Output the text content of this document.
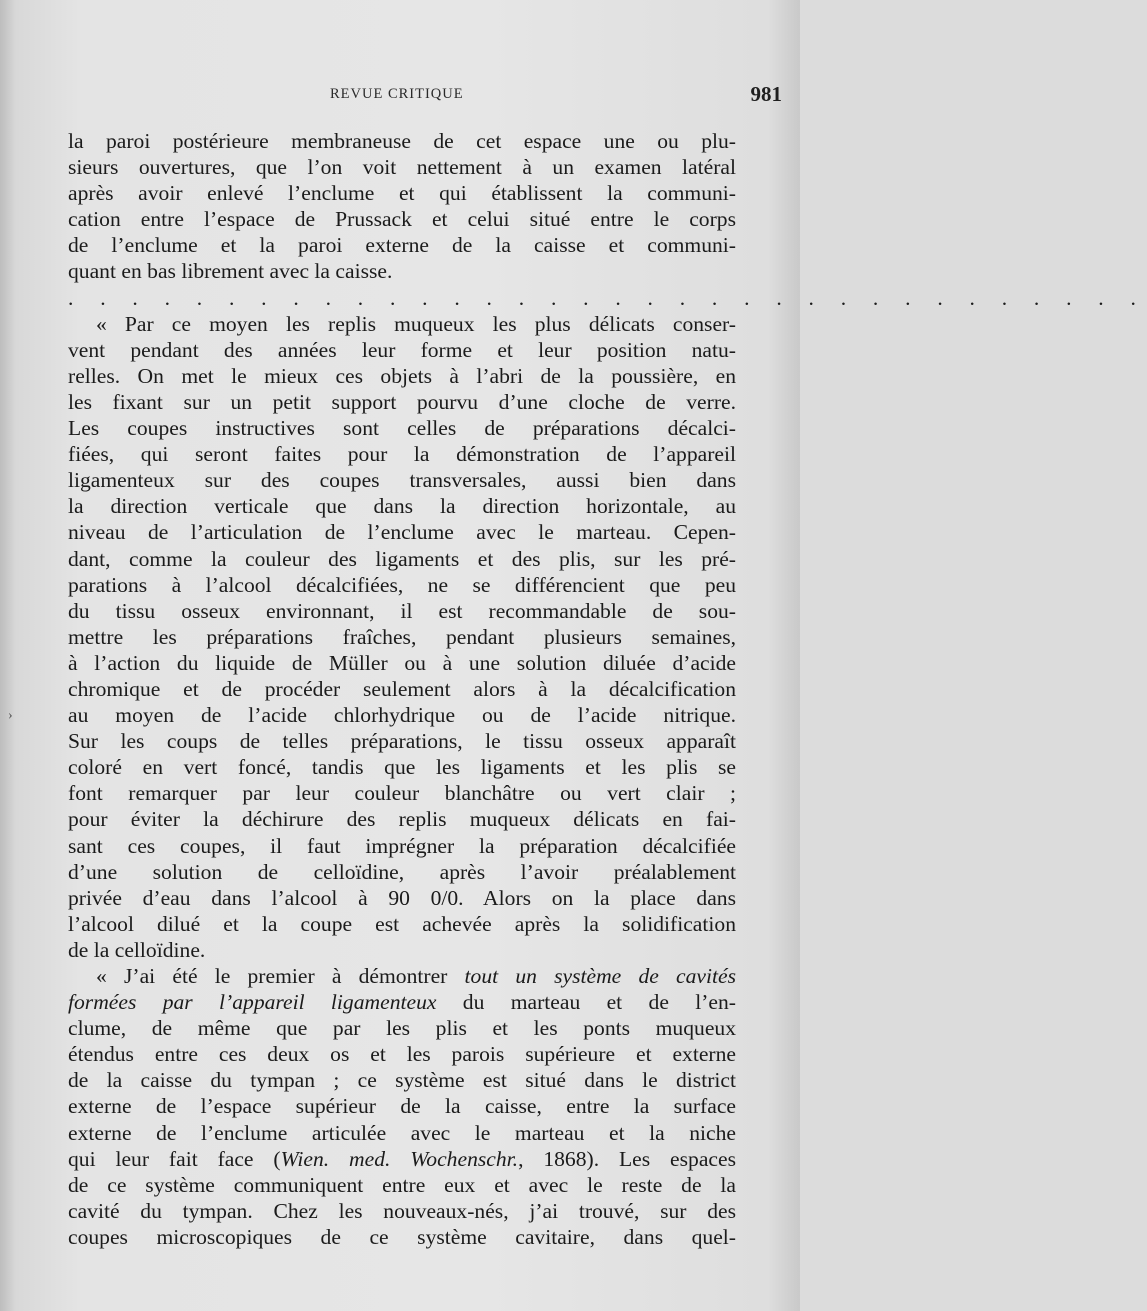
REVUE CRITIQUE	981
›
la paroi postérieure membraneuse de cet espace une ou plu-
sieurs ouvertures, que l’on voit nettement à un examen latéral
après avoir enlevé l’enclume et qui établissent la communi-
cation entre l’espace de Prussack et celui situé entre le corps
de l’enclume et la paroi externe de la caisse et communi-
quant en bas librement avec la caisse.
. . . . . . . . . . . . . . . . . . . . . . . . . . . . . . . . . .
« Par ce moyen les replis muqueux les plus délicats conser-
vent pendant des années leur forme et leur position natu-
relles. On met le mieux ces objets à l’abri de la poussière, en
les fixant sur un petit support pourvu d’une cloche de verre.
Les coupes instructives sont celles de préparations décalci-
fiées, qui seront faites pour la démonstration de l’appareil
ligamenteux sur des coupes transversales, aussi bien dans
la direction verticale que dans la direction horizontale, au
niveau de l’articulation de l’enclume avec le marteau. Cepen-
dant, comme la couleur des ligaments et des plis, sur les pré-
parations à l’alcool décalcifiées, ne se différencient que peu
du tissu osseux environnant, il est recommandable de sou-
mettre les préparations fraîches, pendant plusieurs semaines,
à l’action du liquide de Müller ou à une solution diluée d’acide
chromique et de procéder seulement alors à la décalcification
au moyen de l’acide chlorhydrique ou de l’acide nitrique.
Sur les coups de telles préparations, le tissu osseux apparaît
coloré en vert foncé, tandis que les ligaments et les plis se
font remarquer par leur couleur blanchâtre ou vert clair ;
pour éviter la déchirure des replis muqueux délicats en fai-
sant ces coupes, il faut imprégner la préparation décalcifiée
d’une solution de celloïdine, après l’avoir préalablement
privée d’eau dans l’alcool à 90 0/0. Alors on la place dans
l’alcool dilué et la coupe est achevée après la solidification
de la celloïdine.
« J’ai été le premier à démontrer tout un système de cavités
formées par l’appareil ligamenteux du marteau et de l’en-
clume, de même que par les plis et les ponts muqueux
étendus entre ces deux os et les parois supérieure et externe
de la caisse du tympan ; ce système est situé dans le district
externe de l’espace supérieur de la caisse, entre la surface
externe de l’enclume articulée avec le marteau et la niche
qui leur fait face (Wien. med. Wochenschr., 1868). Les espaces
de ce système communiquent entre eux et avec le reste de la
cavité du tympan. Chez les nouveaux-nés, j’ai trouvé, sur des
coupes microscopiques de ce système cavitaire, dans quel-
